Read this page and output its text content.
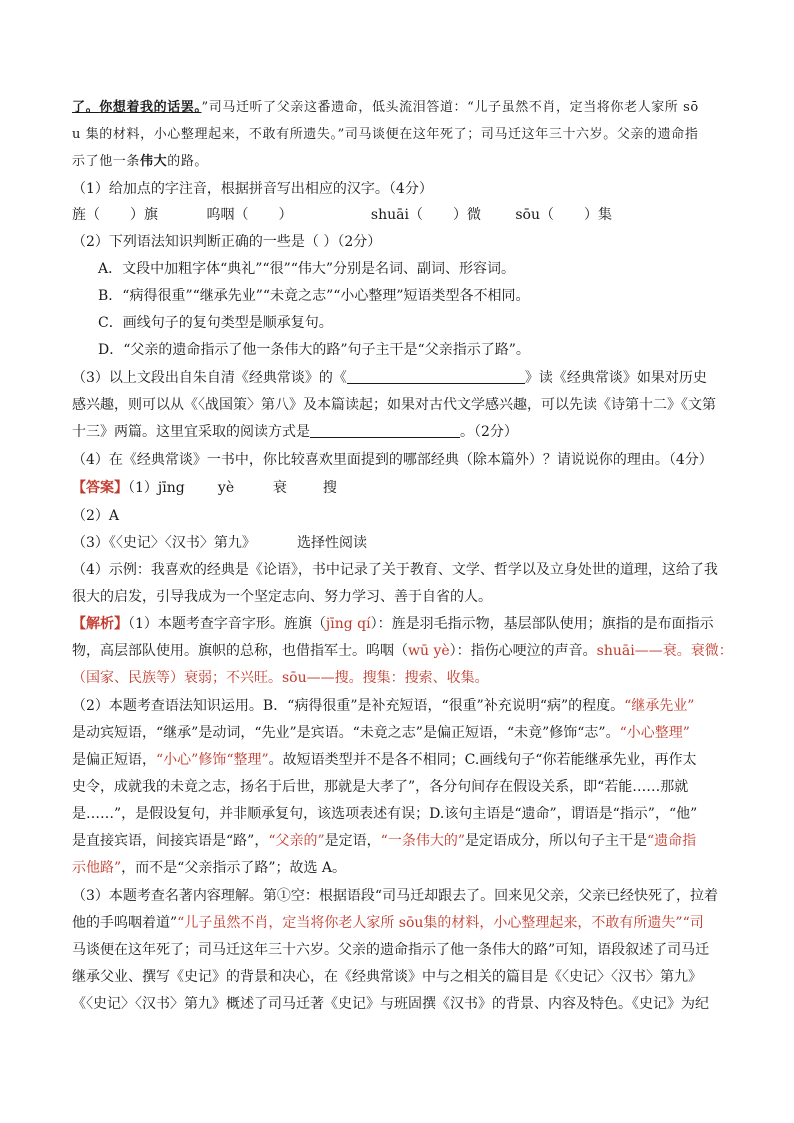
了。你想着我的话罢。”司马迁听了父亲这番遗命，低头流泪答道：“儿子虽然不肖，定当将你老人家所 sō
u 集的材料，小心整理起来，不敢有所遗失。”司马谈便在这年死了；司马迁这年三十六岁。父亲的遗命指
示了他一条伟大的路。
（1）给加点的字注音，根据拼音写出相应的汉字。（4分）
旌（ ）旗	呜咽（ ）	shuāi（ ）微 sōu（ ）集
（2）下列语法知识判断正确的一些是（ ）（2分）
A．文段中加粗字体“典礼”“很”“伟大”分别是名词、副词、形容词。
B．“病得很重”“继承先业”“未竟之志”“小心整理”短语类型各不相同。
C．画线句子的复句类型是顺承复句。
D．“父亲的遗命指示了他一条伟大的路”句子主干是“父亲指示了路”。
（3）以上文段出自朱自清《经典常谈》的《	》读《经典常谈》如果对历史
感兴趣，则可以从《〈战国策〉第八》及本篇读起；如果对古代文学感兴趣，可以先读《诗第十二》《文第
十三》两篇。这里宜采取的阅读方式是	。（2分）
（4）在《经典常谈》一书中，你比较喜欢里面提到的哪部经典（除本篇外）？请说说你的理由。（4分）
【答案】（1）jīng yè	衰	搜
（2）A
（3）《〈史记〉〈汉书〉第九》	选择性阅读
（4）示例：我喜欢的经典是《论语》，书中记录了关于教育、文学、哲学以及立身处世的道理，这给了我
很大的启发，引导我成为一个坚定志向、努力学习、善于自省的人。
【解析】（1）本题考查字音字形。旌旗（jīng qí）：旌是羽毛指示物，基层部队使用；旗指的是布面指示
物，高层部队使用。旗帜的总称，也借指军士。呜咽（wū yè）：指伤心哽泣的声音。shuāi——衰。衰微：
（国家、民族等）衰弱；不兴旺。sōu——搜。搜集：搜索、收集。
（2）本题考查语法知识运用。B．“病得很重”是补充短语，“很重”补充说明“病”的程度。“继承先业”
是动宾短语，“继承”是动词，“先业”是宾语。“未竟之志”是偏正短语，“未竟”修饰“志”。“小心整理”
是偏正短语，“小心”修饰“整理”。故短语类型并不是各不相同；C.画线句子“你若能继承先业，再作太
史令，成就我的未竟之志，扬名于后世，那就是大孝了”，各分句间存在假设关系，即“若能……那就
是……”，是假设复句，并非顺承复句，该选项表述有误；D.该句主语是“遗命”，谓语是“指示”，“他”
是直接宾语，间接宾语是“路”，“父亲的”是定语，“一条伟大的”是定语成分，所以句子主干是“遗命指
示他路”，而不是“父亲指示了路”；故选 A。
（3）本题考查名著内容理解。第①空：根据语段“司马迁却跟去了。回来见父亲，父亲已经快死了，拉着
他的手呜咽着道”“儿子虽然不肖，定当将你老人家所 sōu集的材料，小心整理起来，不敢有所遗失”“司
马谈便在这年死了；司马迁这年三十六岁。父亲的遗命指示了他一条伟大的路”可知，语段叙述了司马迁
继承父业、撰写《史记》的背景和决心，在《经典常谈》中与之相关的篇目是《〈史记〉〈汉书〉第九》
《〈史记〉〈汉书〉第九》概述了司马迁著《史记》与班固撰《汉书》的背景、内容及特色。《史记》为纪
